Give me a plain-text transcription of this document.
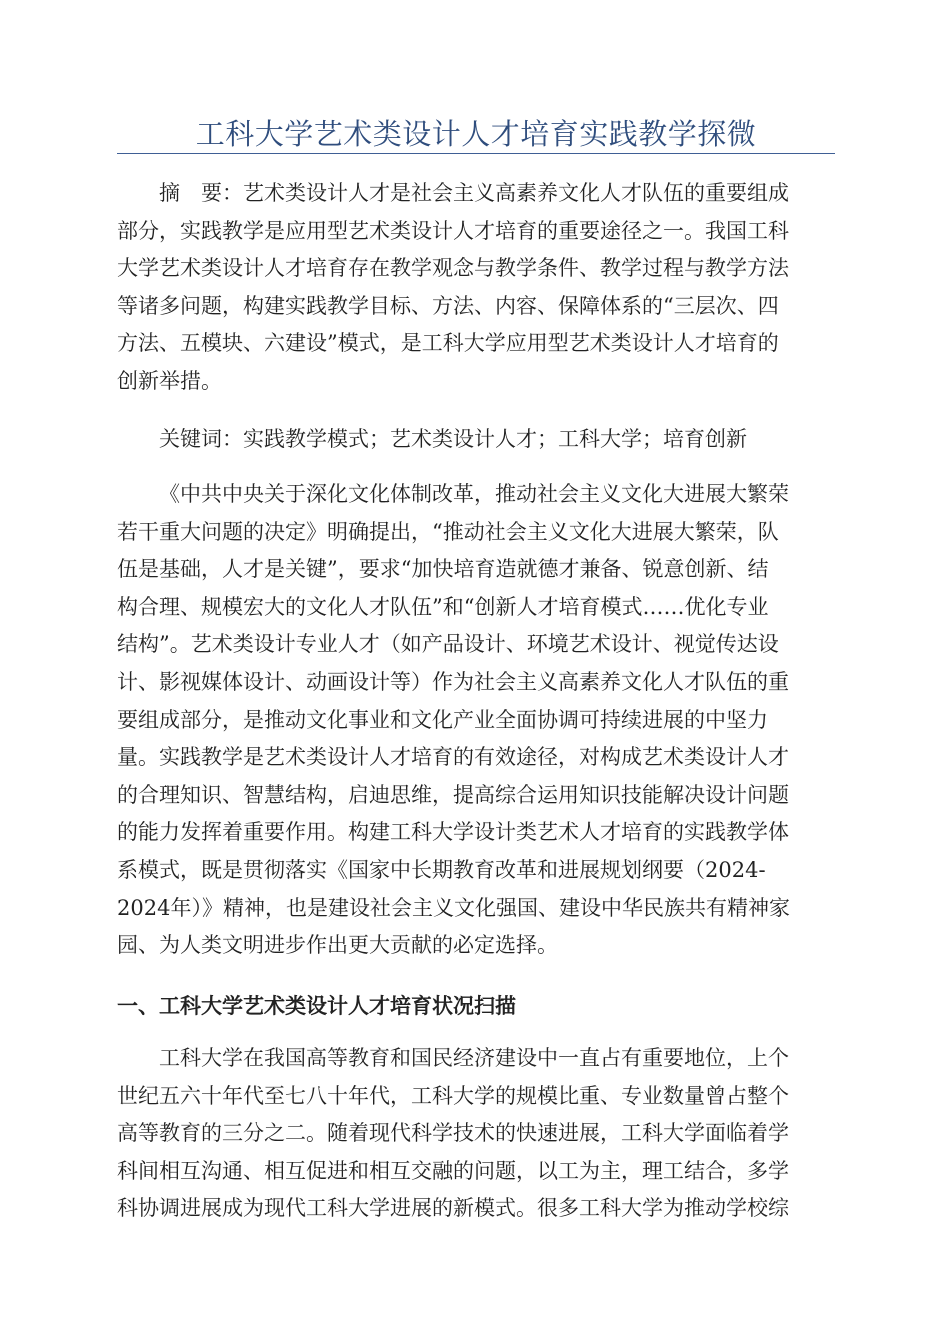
工科大学艺术类设计人才培育实践教学探微
摘　要：艺术类设计人才是社会主义高素养文化人才队伍的重要组成
部分，实践教学是应用型艺术类设计人才培育的重要途径之一。我国工科
大学艺术类设计人才培育存在教学观念与教学条件、教学过程与教学方法
等诸多问题，构建实践教学目标、方法、内容、保障体系的“三层次、四
方法、五模块、六建设”模式，是工科大学应用型艺术类设计人才培育的
创新举措。
关键词：实践教学模式；艺术类设计人才；工科大学；培育创新
《中共中央关于深化文化体制改革，推动社会主义文化大进展大繁荣
若干重大问题的决定》明确提出，“推动社会主义文化大进展大繁荣，队
伍是基础，人才是关键”，要求“加快培育造就德才兼备、锐意创新、结
构合理、规模宏大的文化人才队伍”和“创新人才培育模式……优化专业
结构”。艺术类设计专业人才（如产品设计、环境艺术设计、视觉传达设
计、影视媒体设计、动画设计等）作为社会主义高素养文化人才队伍的重
要组成部分，是推动文化事业和文化产业全面协调可持续进展的中坚力
量。实践教学是艺术类设计人才培育的有效途径，对构成艺术类设计人才
的合理知识、智慧结构，启迪思维，提高综合运用知识技能解决设计问题
的能力发挥着重要作用。构建工科大学设计类艺术人才培育的实践教学体
系模式，既是贯彻落实《国家中长期教育改革和进展规划纲要（2024-
2024年）》精神，也是建设社会主义文化强国、建设中华民族共有精神家
园、为人类文明进步作出更大贡献的必定选择。
一、工科大学艺术类设计人才培育状况扫描
工科大学在我国高等教育和国民经济建设中一直占有重要地位，上个
世纪五六十年代至七八十年代，工科大学的规模比重、专业数量曾占整个
高等教育的三分之二。随着现代科学技术的快速进展，工科大学面临着学
科间相互沟通、相互促进和相互交融的问题，以工为主，理工结合，多学
科协调进展成为现代工科大学进展的新模式。很多工科大学为推动学校综
